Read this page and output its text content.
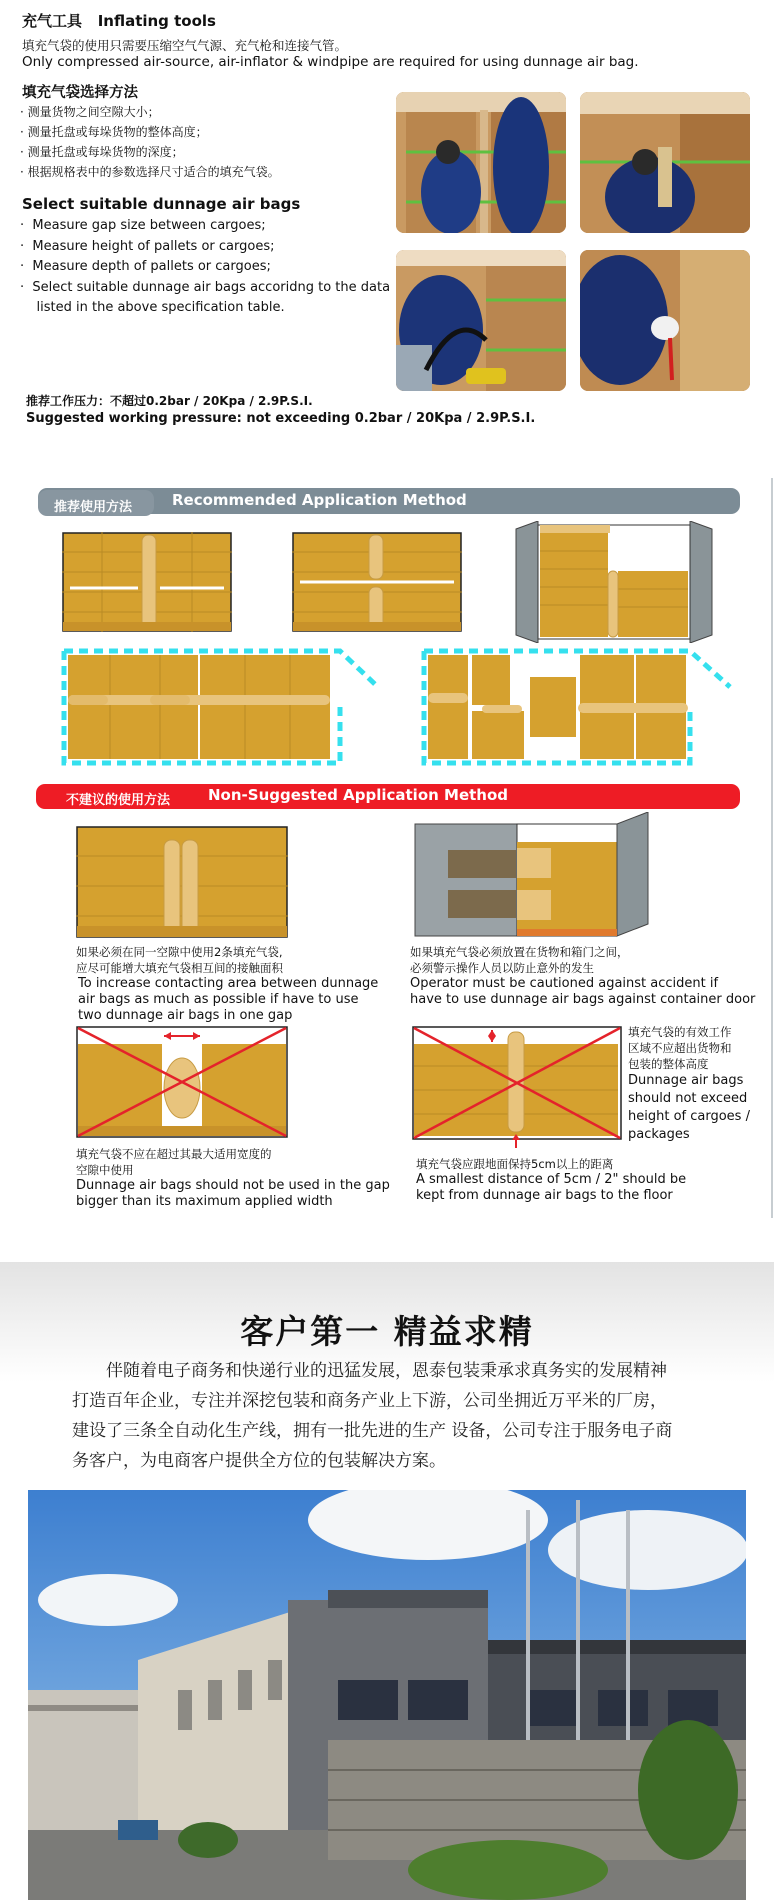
充气工具 Inflating tools
填充气袋的使用只需要压缩空气气源、充气枪和连接气管。
Only compressed air-source, air-inflator & windpipe are required for using dunnage air bag.
填充气袋选择方法
· 测量货物之间空隙大小；
· 测量托盘或每垛货物的整体高度；
· 测量托盘或每垛货物的深度；
· 根据规格表中的参数选择尺寸适合的填充气袋。
Select suitable dunnage air bags
·  Measure gap size between cargoes;
·  Measure height of pallets or cargoes;
·  Measure depth of pallets or cargoes;
·  Select suitable dunnage air bags accoridng to the data
listed in the above specification table.
推荐工作压力：不超过0.2bar / 20Kpa / 2.9P.S.I.
Suggested working pressure: not exceeding 0.2bar / 20Kpa / 2.9P.S.I.
推荐使用方法	Recommended Application Method
不建议的使用方法	Non-Suggested Application Method
如果必须在同一空隙中使用2条填充气袋,
应尽可能增大填充气袋相互间的接触面积
To increase contacting area between dunnage
air bags as much as possible if have to use
two dunnage air bags in one gap
如果填充气袋必须放置在货物和箱门之间，
必须警示操作人员以防止意外的发生
Operator must be cautioned against accident if
have to use dunnage air bags against container door
填充气袋的有效工作
区域不应超出货物和
包装的整体高度
Dunnage air bags
should not exceed
height of cargoes /
packages
填充气袋不应在超过其最大适用宽度的
空隙中使用
Dunnage air bags should not be used in the gap
bigger than its maximum applied width
填充气袋应跟地面保持5cm以上的距离
A smallest distance of 5cm / 2" should be
kept from dunnage air bags to the floor
客户第一 精益求精
　　伴随着电子商务和快递行业的迅猛发展，恩泰包装秉承求真务实的发展精神
打造百年企业，专注并深挖包装和商务产业上下游，公司坐拥近万平米的厂房，
建设了三条全自动化生产线，拥有一批先进的生产 设备，公司专注于服务电子商
务客户，为电商客户提供全方位的包装解决方案。
